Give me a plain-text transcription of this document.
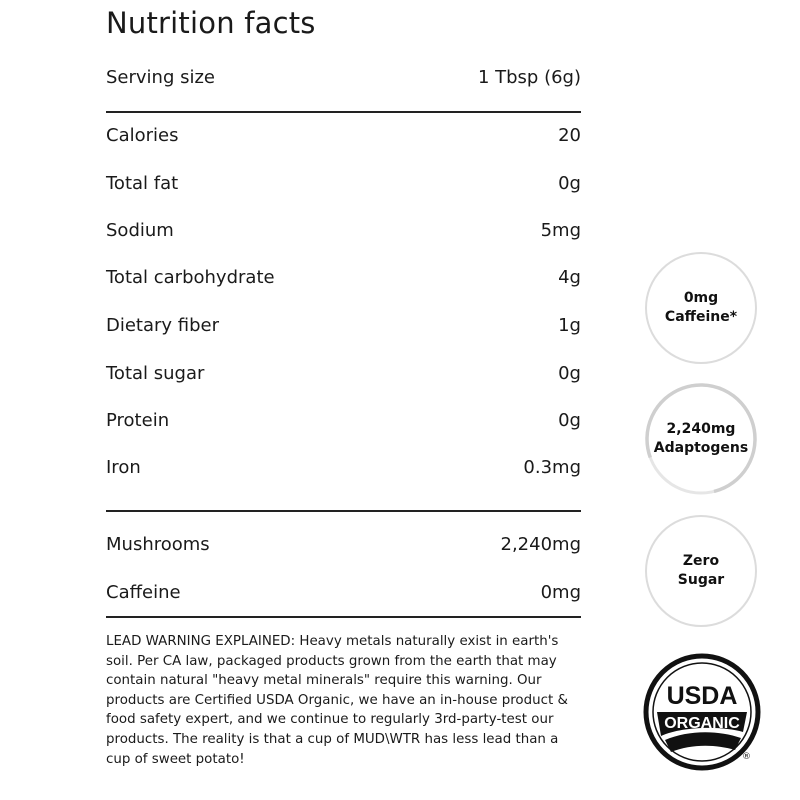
Nutrition facts
Serving size	1 Tbsp (6g)
Calories	20
Total fat	0g
Sodium	5mg
Total carbohydrate	4g
Dietary fiber	1g
Total sugar	0g
Protein	0g
Iron	0.3mg
Mushrooms	2,240mg
Caffeine	0mg
LEAD WARNING EXPLAINED: Heavy metals naturally exist in earth's soil. Per CA law, packaged products grown from the earth that may contain natural "heavy metal minerals" require this warning. Our products are Certified USDA Organic, we have an in-house product & food safety expert, and we continue to regularly 3rd-party-test our products. The reality is that a cup of MUD\WTR has less lead than a cup of sweet potato!
0mg
Caffeine*
2,240mg
Adaptogens
Zero
Sugar
USDA
ORGANIC
®
